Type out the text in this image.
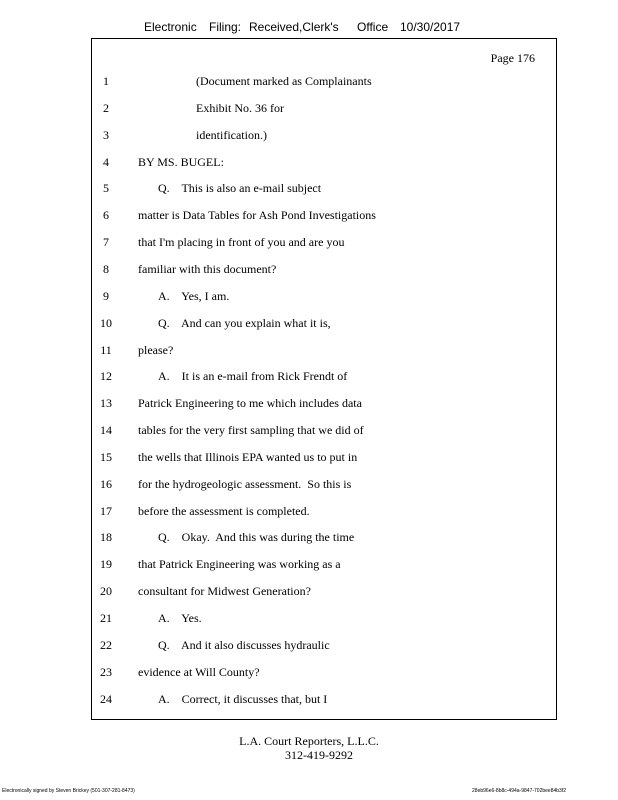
Electronic Filing: Received,Clerk's Office 10/30/2017
Page 176
1	(Document marked as Complainants
2	Exhibit No. 36 for
3	identification.)
4	BY MS. BUGEL:
5	Q.    This is also an e-mail subject
6	matter is Data Tables for Ash Pond Investigations
7	that I'm placing in front of you and are you
8	familiar with this document?
9	A.    Yes, I am.
10	Q.    And can you explain what it is,
11	please?
12	A.    It is an e-mail from Rick Frendt of
13	Patrick Engineering to me which includes data
14	tables for the very first sampling that we did of
15	the wells that Illinois EPA wanted us to put in
16	for the hydrogeologic assessment.  So this is
17	before the assessment is completed.
18	Q.    Okay.  And this was during the time
19	that Patrick Engineering was working as a
20	consultant for Midwest Generation?
21	A.    Yes.
22	Q.    And it also discusses hydraulic
23	evidence at Will County?
24	A.    Correct, it discusses that, but I
L.A. Court Reporters, L.L.C.
312-419-9292
Electronically signed by Steven Brickey (501-307-281-8473)	28eb96e6-8b8c-494a-9847-702bee84b3f2
